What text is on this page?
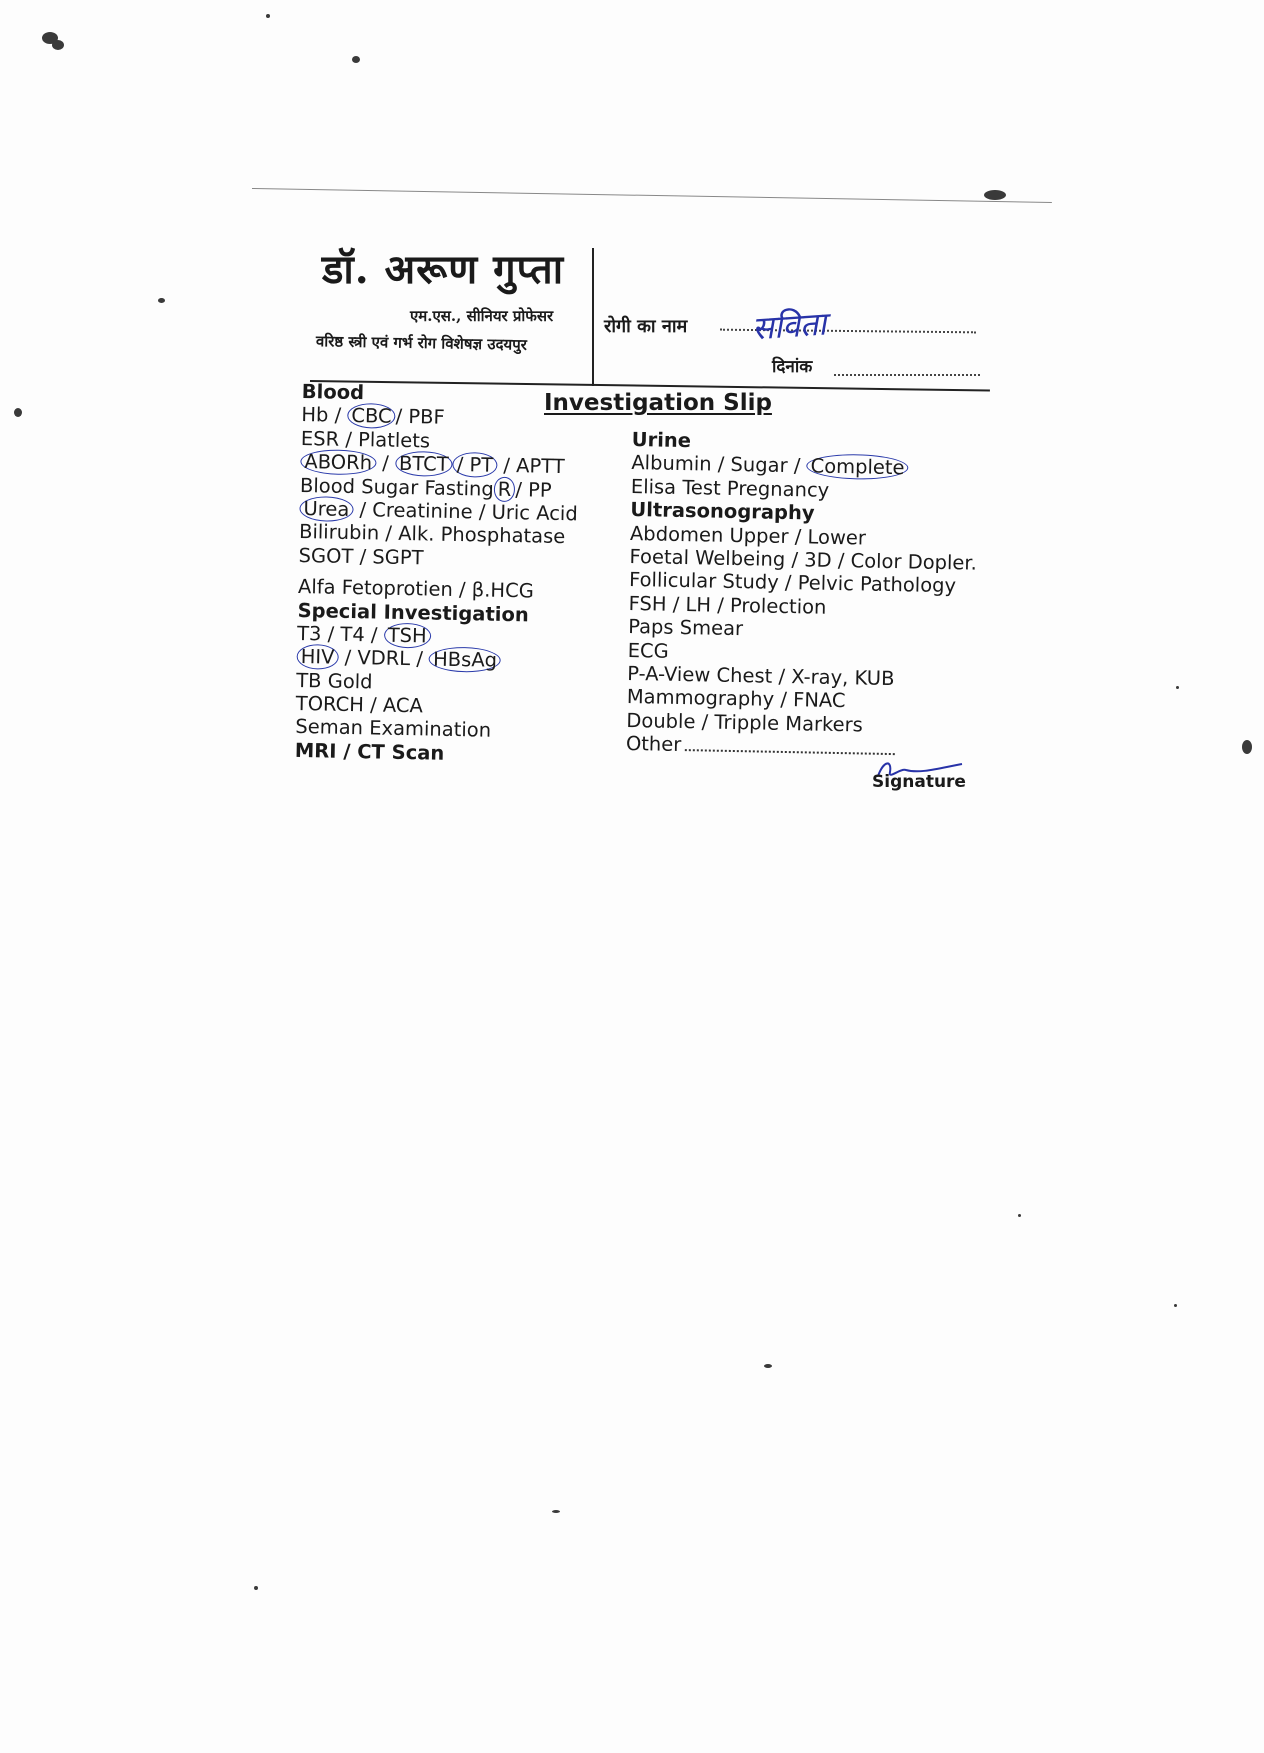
डॉ. अरूण गुप्ता
एम.एस., सीनियर प्रोफेसर
वरिष्ठ स्त्री एवं गर्भ रोग विशेषज्ञ उदयपुर
रोगी का नाम सविता
दिनांक
Investigation Slip
Blood
Hb / CBC / PBF
ESR / Platlets
ABORh / BTCT / PT / APTT
Blood Sugar Fasting R / PP
Urea / Creatinine / Uric Acid
Bilirubin / Alk. Phosphatase
SGOT / SGPT
Alfa Fetoprotien / β.HCG
Special Investigation
T3 / T4 / TSH
HIV / VDRL / HBsAg
TB Gold
TORCH / ACA
Seman Examination
MRI / CT Scan
Urine
Albumin / Sugar / Complete
Elisa Test Pregnancy
Ultrasonography
Abdomen Upper / Lower
Foetal Welbeing / 3D / Color Dopler.
Follicular Study / Pelvic Pathology
FSH / LH / Prolection
Paps Smear
ECG
P-A-View Chest / X-ray, KUB
Mammography / FNAC
Double / Tripple Markers
Other
Signature
